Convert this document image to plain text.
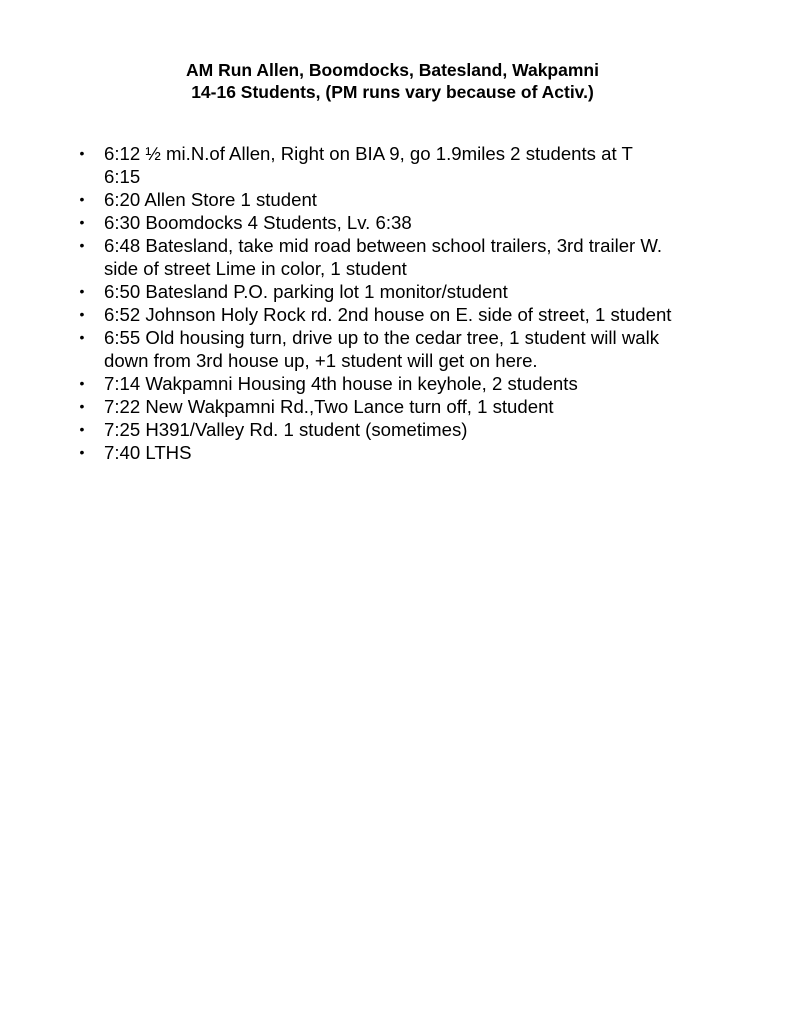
AM Run Allen, Boomdocks, Batesland, Wakpamni
14-16 Students, (PM runs vary because of Activ.)
• 6:12 ½ mi.N.of Allen, Right on BIA 9, go 1.9miles 2 students at T
6:15
• 6:20 Allen Store 1 student
• 6:30 Boomdocks 4 Students, Lv. 6:38
• 6:48 Batesland, take mid road between school trailers, 3rd trailer W.
side of street Lime in color, 1 student
• 6:50 Batesland P.O. parking lot 1 monitor/student
• 6:52 Johnson Holy Rock rd. 2nd house on E. side of street, 1 student
• 6:55 Old housing turn, drive up to the cedar tree, 1 student will walk
down from 3rd house up, +1 student will get on here.
• 7:14 Wakpamni Housing 4th house in keyhole, 2 students
• 7:22 New Wakpamni Rd.,Two Lance turn off, 1 student
• 7:25 H391/Valley Rd. 1 student (sometimes)
• 7:40 LTHS
